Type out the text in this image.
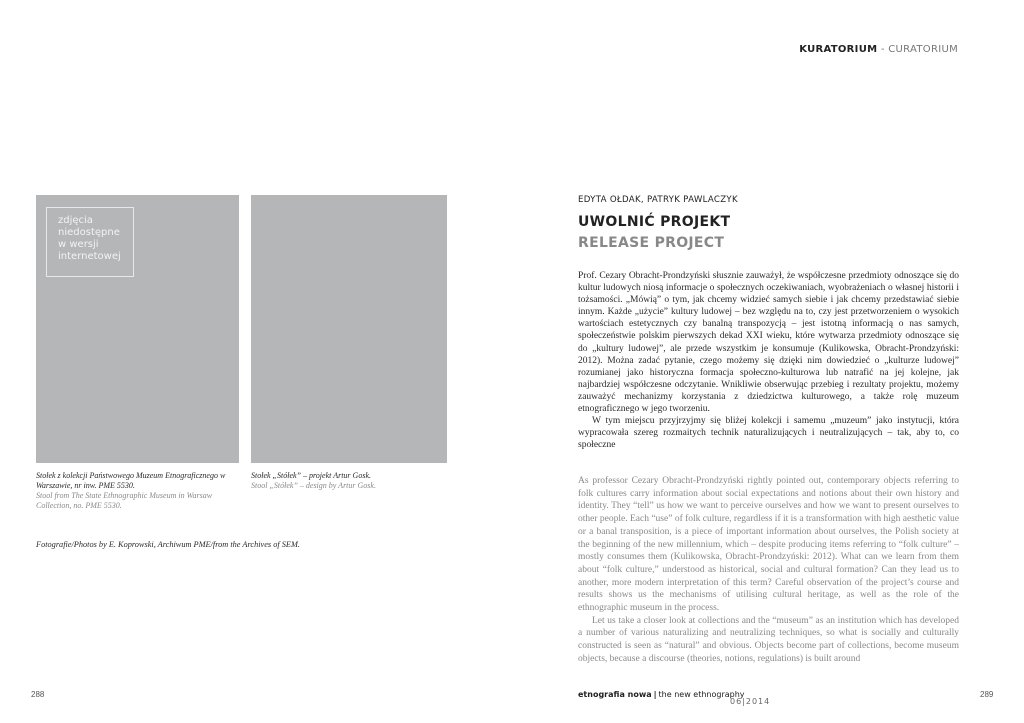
KURATORIUM - CURATORIUM
zdjęcia
niedostępne
w wersji
internetowej
Stołek z kolekcji Państwowego Muzeum Etnograficznego w Warszawie, nr inw. PME 5530.
Stool from The State Ethnographic Museum in Warsaw Collection, no. PME 5530.
Stołek „Stółek” – projekt Artur Gosk.
Stool „Stółek” – design by Artur Gosk.
Fotografie/Photos by E. Koprowski, Archiwum PME/from the Archives of SEM.
EDYTA OŁDAK, PATRYK PAWLACZYK
UWOLNIĆ PROJEKT
RELEASE PROJECT

Prof. Cezary Obracht-Prondzyński słusznie zauważył, że współczesne przedmioty odnoszące się do kultur ludowych niosą informacje o społecznych oczekiwaniach, wyobrażeniach o własnej historii i tożsamości. „Mówią” o tym, jak chcemy widzieć samych siebie i jak chcemy przedstawiać siebie innym. Każde „użycie” kultury ludowej – bez względu na to, czy jest przetworzeniem o wysokich wartościach estetycznych czy banalną transpozycją – jest istotną informacją o nas samych, społeczeństwie polskim pierwszych dekad XXI wieku, które wytwarza przedmioty odnoszące się do „kultury ludowej”, ale przede wszystkim je konsumuje (Kulikowska, Obracht-Prondzyński: 2012). Można zadać pytanie, czego możemy się dzięki nim dowiedzieć o „kulturze ludowej” rozumianej jako historyczna formacja społeczno-kulturowa lub natrafić na jej kolejne, jak najbardziej współczesne odczytanie. Wnikliwie obserwując przebieg i rezultaty projektu, możemy zauważyć mechanizmy korzystania z dziedzictwa kulturowego, a także rolę muzeum etnograficznego w jego tworzeniu.

W tym miejscu przyjrzyjmy się bliżej kolekcji i samemu „muzeum” jako instytucji, która wypracowała szereg rozmaitych technik naturalizujących i neutralizujących – tak, aby to, co społeczne

As professor Cezary Obracht-Prondzyński rightly pointed out, contemporary objects referring to folk cultures carry information about social expectations and notions about their own history and identity. They “tell” us how we want to perceive ourselves and how we want to present ourselves to other people. Each “use” of folk culture, regardless if it is a transformation with high aesthetic value or a banal transposition, is a piece of important information about ourselves, the Polish society at the beginning of the new millennium, which – despite producing items referring to “folk culture” – mostly consumes them (Kulikowska, Obracht-Prondzyński: 2012). What can we learn from them about “folk culture,” understood as historical, social and cultural formation? Can they lead us to another, more modern interpretation of this term? Careful observation of the project’s course and results shows us the mechanisms of utilising cultural heritage, as well as the role of the ethnographic museum in the process.

Let us take a closer look at collections and the “museum” as an institution which has developed a number of various naturalizing and neutralizing techniques, so what is socially and culturally constructed is seen as “natural” and obvious. Objects become part of collections, become museum objects, because a discourse (theories, notions, regulations) is built around

288	289
etnografia nowa | the new ethnography
06|2014
